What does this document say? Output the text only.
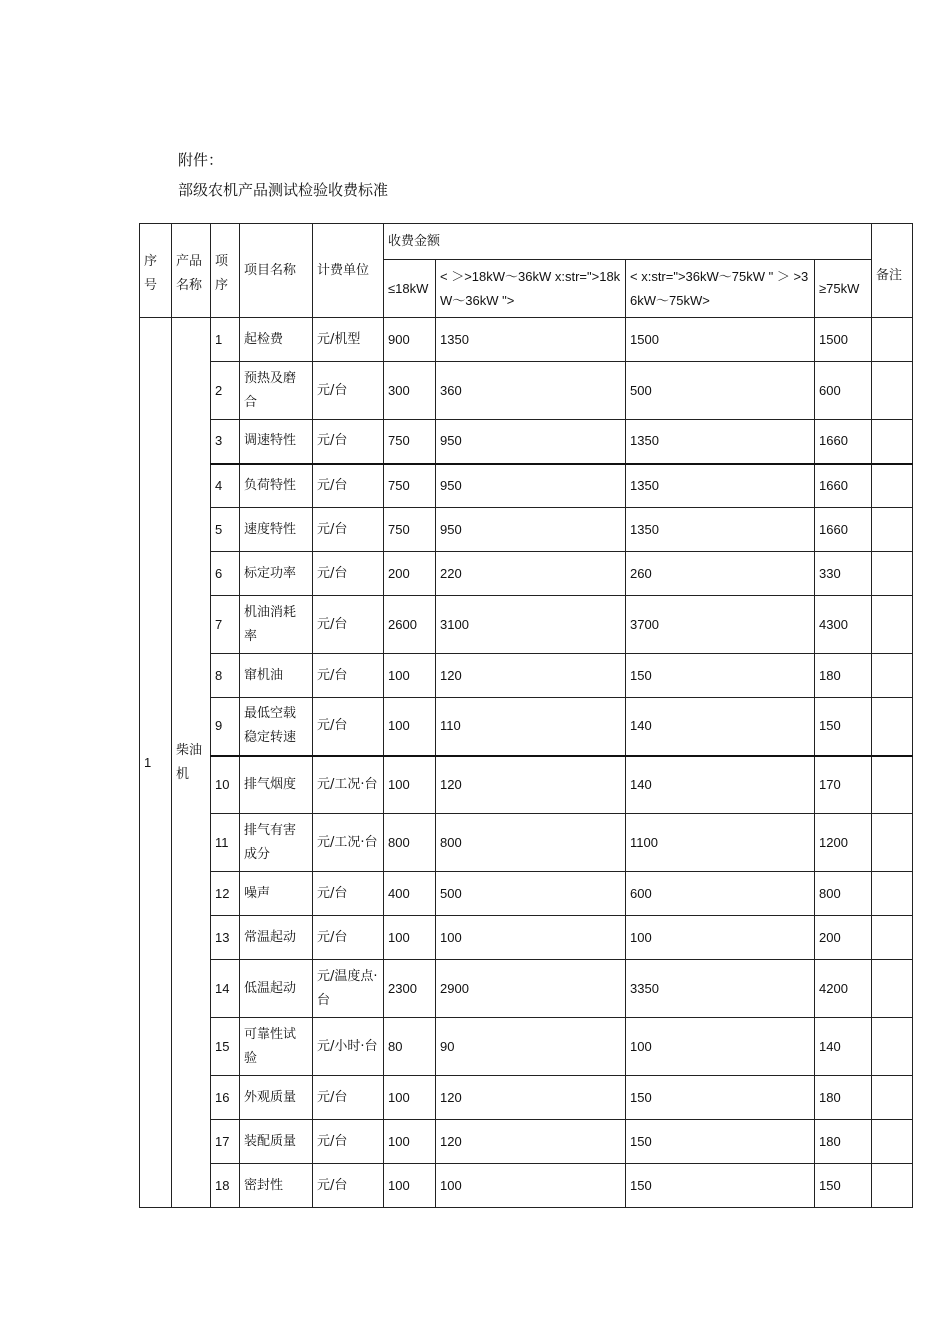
附件：
部级农机产品测试检验收费标准
序号	产品名称	项序	项目名称	计费单位	收费金额				备注
					≤18kW	< ＞>18kW～36kW x:str=">18kW～36kW ">	< x:str=">36kW～75kW " ＞ >36kW～75kW>	≥75kW	
1	柴油机	1	起检费	元/机型	900	1350	1500	1500	
		2	预热及磨合	元/台	300	360	500	600	
		3	调速特性	元/台	750	950	1350	1660	
		4	负荷特性	元/台	750	950	1350	1660	
		5	速度特性	元/台	750	950	1350	1660	
		6	标定功率	元/台	200	220	260	330	
		7	机油消耗率	元/台	2600	3100	3700	4300	
		8	窜机油	元/台	100	120	150	180	
		9	最低空载稳定转速	元/台	100	110	140	150	
		10	排气烟度	元/工况·台	100	120	140	170	
		11	排气有害成分	元/工况·台	800	800	1100	1200	
		12	噪声	元/台	400	500	600	800	
		13	常温起动	元/台	100	100	100	200	
		14	低温起动	元/温度点·台	2300	2900	3350	4200	
		15	可靠性试验	元/小时·台	80	90	100	140	
		16	外观质量	元/台	100	120	150	180	
		17	装配质量	元/台	100	120	150	180	
		18	密封性	元/台	100	100	150	150	
